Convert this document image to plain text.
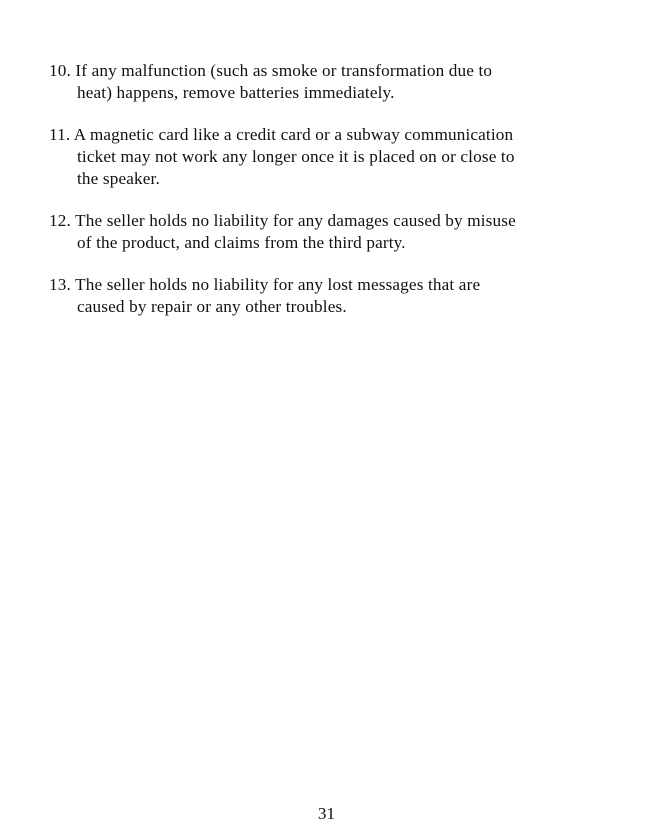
10. If any malfunction (such as smoke or transformation due to
heat) happens, remove batteries immediately.
11. A magnetic card like a credit card or a subway communication
ticket may not work any longer once it is placed on or close to
the speaker.
12. The seller holds no liability for any damages caused by misuse
of the product, and claims from the third party.
13. The seller holds no liability for any lost messages that are
caused by repair or any other troubles.
31
